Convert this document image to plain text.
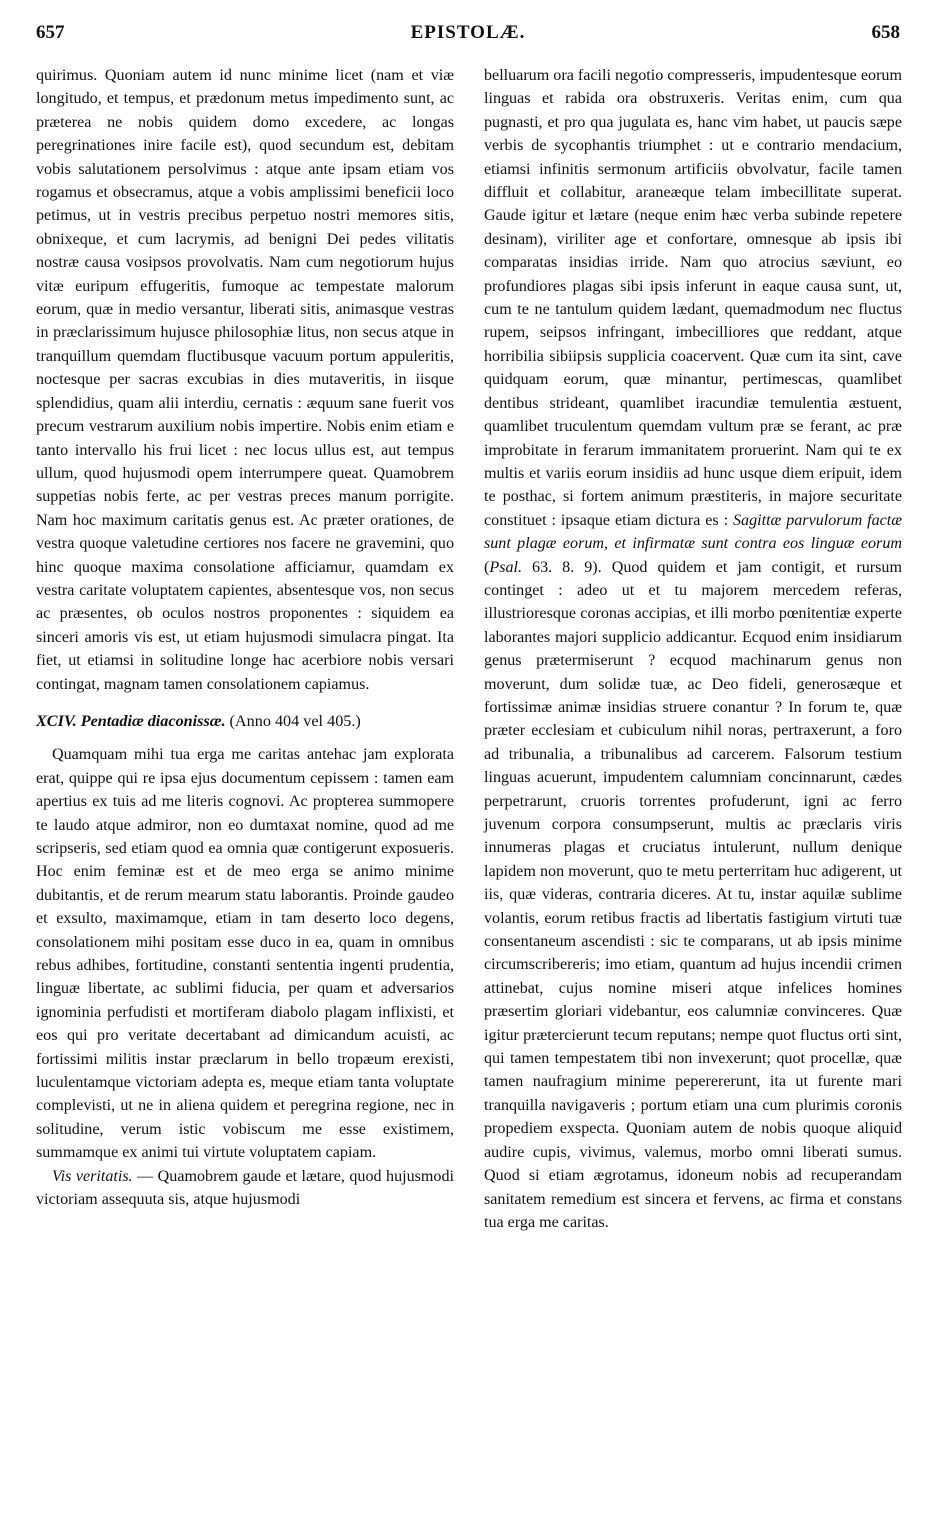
657	EPISTOLÆ.	658

quirimus. Quoniam autem id nunc minime licet (nam et viæ longitudo, et tempus, et prædonum metus impedimento sunt, ac præterea ne nobis quidem domo excedere, ac longas peregrinationes inire facile est), quod secundum est, debitam vobis salutationem persolvimus : atque ante ipsam etiam vos rogamus et obsecramus, atque a vobis amplissimi beneficii loco petimus, ut in vestris precibus perpetuo nostri memores sitis, obnixeque, et cum lacrymis, ad benigni Dei pedes vilitatis nostræ causa vosipsos provolvatis. Nam cum negotiorum hujus vitæ euripum effugeritis, fumoque ac tempestate malorum eorum, quæ in medio versantur, liberati sitis, animasque vestras in præclarissimum hujusce philosophiæ litus, non secus atque in tranquillum quemdam fluctibusque vacuum portum appuleritis, noctesque per sacras excubias in dies mutaveritis, in iisque splendidius, quam alii interdiu, cernatis : æquum sane fuerit vos precum vestrarum auxilium nobis impertire. Nobis enim etiam e tanto intervallo his frui licet : nec locus ullus est, aut tempus ullum, quod hujusmodi opem interrumpere queat. Quamobrem suppetias nobis ferte, ac per vestras preces manum porrigite. Nam hoc maximum caritatis genus est. Ac præter orationes, de vestra quoque valetudine certiores nos facere ne gravemini, quo hinc quoque maxima consolatione afficiamur, quamdam ex vestra caritate voluptatem capientes, absentesque vos, non secus ac præsentes, ob oculos nostros proponentes : siquidem ea sinceri amoris vis est, ut etiam hujusmodi simulacra pingat. Ita fiet, ut etiamsi in solitudine longe hac acerbiore nobis versari contingat, magnam tamen consolationem capiamus.

XCIV. Pentadiæ diaconissæ. (Anno 404 vel 405.)

Quamquam mihi tua erga me caritas antehac jam explorata erat, quippe qui re ipsa ejus documentum cepissem : tamen eam apertius ex tuis ad me literis cognovi. Ac propterea summopere te laudo atque admiror, non eo dumtaxat nomine, quod ad me scripseris, sed etiam quod ea omnia quæ contigerunt exposueris. Hoc enim feminæ est et de meo erga se animo minime dubitantis, et de rerum mearum statu laborantis. Proinde gaudeo et exsulto, maximamque, etiam in tam deserto loco degens, consolationem mihi positam esse duco in ea, quam in omnibus rebus adhibes, fortitudine, constanti sententia ingenti prudentia, linguæ libertate, ac sublimi fiducia, per quam et adversarios ignominia perfudisti et mortiferam diabolo plagam inflixisti, et eos qui pro veritate decertabant ad dimicandum acuisti, ac fortissimi militis instar præclarum in bello tropæum erexisti, luculentamque victoriam adepta es, meque etiam tanta voluptate complevisti, ut ne in aliena quidem et peregrina regione, nec in solitudine, verum istic vobiscum me esse existimem, summamque ex animi tui virtute voluptatem capiam.

Vis veritatis. — Quamobrem gaude et lætare, quod hujusmodi victoriam assequuta sis, atque hujusmodi

belluarum ora facili negotio compresseris, impudentesque eorum linguas et rabida ora obstruxeris. Veritas enim, cum qua pugnasti, et pro qua jugulata es, hanc vim habet, ut paucis sæpe verbis de sycophantis triumphet : ut e contrario mendacium, etiamsi infinitis sermonum artificiis obvolvatur, facile tamen diffluit et collabitur, araneæque telam imbecillitate superat. Gaude igitur et lætare (neque enim hæc verba subinde repetere desinam), viriliter age et confortare, omnesque ab ipsis ibi comparatas insidias irride. Nam quo atrocius sæviunt, eo profundiores plagas sibi ipsis inferunt in eaque causa sunt, ut, cum te ne tantulum quidem lædant, quemadmodum nec fluctus rupem, seipsos infringant, imbecilliores que reddant, atque horribilia sibiipsis supplicia coacervent. Quæ cum ita sint, cave quidquam eorum, quæ minantur, pertimescas, quamlibet dentibus strideant, quamlibet iracundiæ temulentia æstuent, quamlibet truculentum quemdam vultum præ se ferant, ac præ improbitate in ferarum immanitatem proruerint. Nam qui te ex multis et variis eorum insidiis ad hunc usque diem eripuit, idem te posthac, si fortem animum præstiteris, in majore securitate constituet : ipsaque etiam dictura es : Sagittæ parvulorum factæ sunt plagæ eorum, et infirmatæ sunt contra eos linguæ eorum (Psal. 63. 8. 9). Quod quidem et jam contigit, et rursum continget : adeo ut et tu majorem mercedem referas, illustrioresque coronas accipias, et illi morbo pœnitentiæ experte laborantes majori supplicio addicantur. Ecquod enim insidiarum genus prætermiserunt ? ecquod machinarum genus non moverunt, dum solidæ tuæ, ac Deo fideli, generosæque et fortissimæ animæ insidias struere conantur ? In forum te, quæ præter ecclesiam et cubiculum nihil noras, pertraxerunt, a foro ad tribunalia, a tribunalibus ad carcerem. Falsorum testium linguas acuerunt, impudentem calumniam concinnarunt, cædes perpetrarunt, cruoris torrentes profuderunt, igni ac ferro juvenum corpora consumpserunt, multis ac præclaris viris innumeras plagas et cruciatus intulerunt, nullum denique lapidem non moverunt, quo te metu perterritam huc adigerent, ut iis, quæ videras, contraria diceres. At tu, instar aquilæ sublime volantis, eorum retibus fractis ad libertatis fastigium virtuti tuæ consentaneum ascendisti : sic te comparans, ut ab ipsis minime circumscribereris; imo etiam, quantum ad hujus incendii crimen attinebat, cujus nomine miseri atque infelices homines præsertim gloriari videbantur, eos calumniæ convinceres. Quæ igitur prætercierunt tecum reputans; nempe quot fluctus orti sint, qui tamen tempestatem tibi non invexerunt; quot procellæ, quæ tamen naufragium minime peperererunt, ita ut furente mari tranquilla navigaveris ; portum etiam una cum plurimis coronis propediem exspecta. Quoniam autem de nobis quoque aliquid audire cupis, vivimus, valemus, morbo omni liberati sumus. Quod si etiam ægrotamus, idoneum nobis ad recuperandam sanitatem remedium est sincera et fervens, ac firma et constans tua erga me caritas.
